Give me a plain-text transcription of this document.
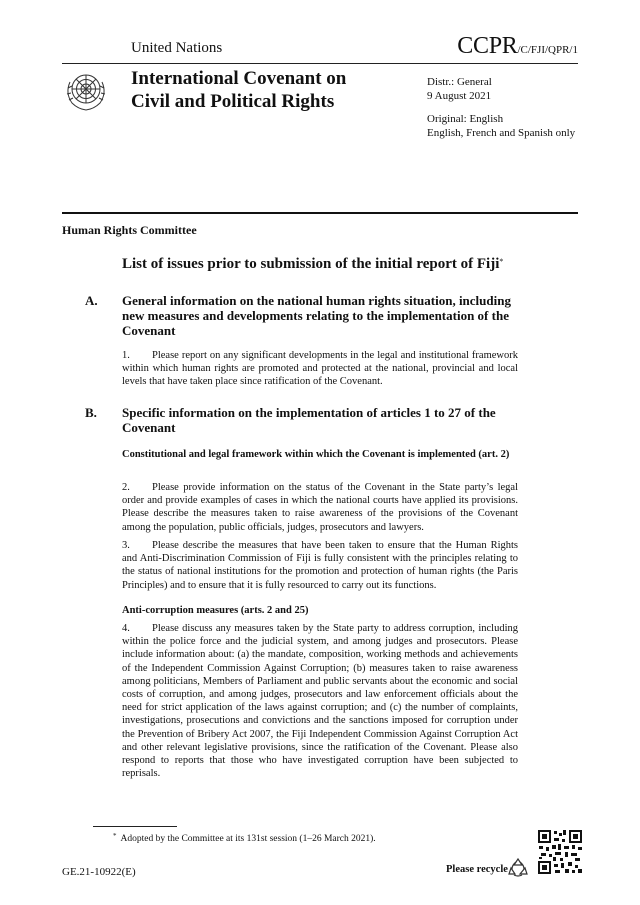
United Nations	CCPR/C/FJI/QPR/1
International Covenant on
Civil and Political Rights
Distr.: General
9 August 2021
Original: English
English, French and Spanish only
Human Rights Committee
List of issues prior to submission of the initial report of Fiji*
A.	General information on the national human rights situation, including new measures and developments relating to the implementation of the Covenant
1. Please report on any significant developments in the legal and institutional framework within which human rights are promoted and protected at the national, provincial and local levels that have taken place since ratification of the Covenant.
B.	Specific information on the implementation of articles 1 to 27 of the Covenant
Constitutional and legal framework within which the Covenant is implemented (art. 2)
2. Please provide information on the status of the Covenant in the State party’s legal order and provide examples of cases in which the national courts have applied its provisions. Please describe the measures taken to raise awareness of the provisions of the Covenant among the population, public officials, judges, prosecutors and lawyers.
3. Please describe the measures that have been taken to ensure that the Human Rights and Anti-Discrimination Commission of Fiji is fully consistent with the principles relating to the status of national institutions for the promotion and protection of human rights (the Paris Principles) and to ensure that it is fully resourced to carry out its functions.
Anti-corruption measures (arts. 2 and 25)
4. Please discuss any measures taken by the State party to address corruption, including within the police force and the judicial system, and among judges and prosecutors. Please include information about: (a) the mandate, composition, working methods and achievements of the Independent Commission Against Corruption; (b) measures taken to raise awareness among politicians, Members of Parliament and public servants about the economic and social costs of corruption, and among judges, prosecutors and law enforcement officials about the need for strict application of the laws against corruption; and (c) the number of complaints, investigations, prosecutions and convictions and the sanctions imposed for corruption under the Prevention of Bribery Act 2007, the Fiji Independent Commission Against Corruption Act and other relevant legislative provisions, since the ratification of the Covenant. Please also respond to reports that those who have investigated corruption have been subjected to reprisals.
* Adopted by the Committee at its 131st session (1–26 March 2021).
GE.21-10922(E)	Please recycle
